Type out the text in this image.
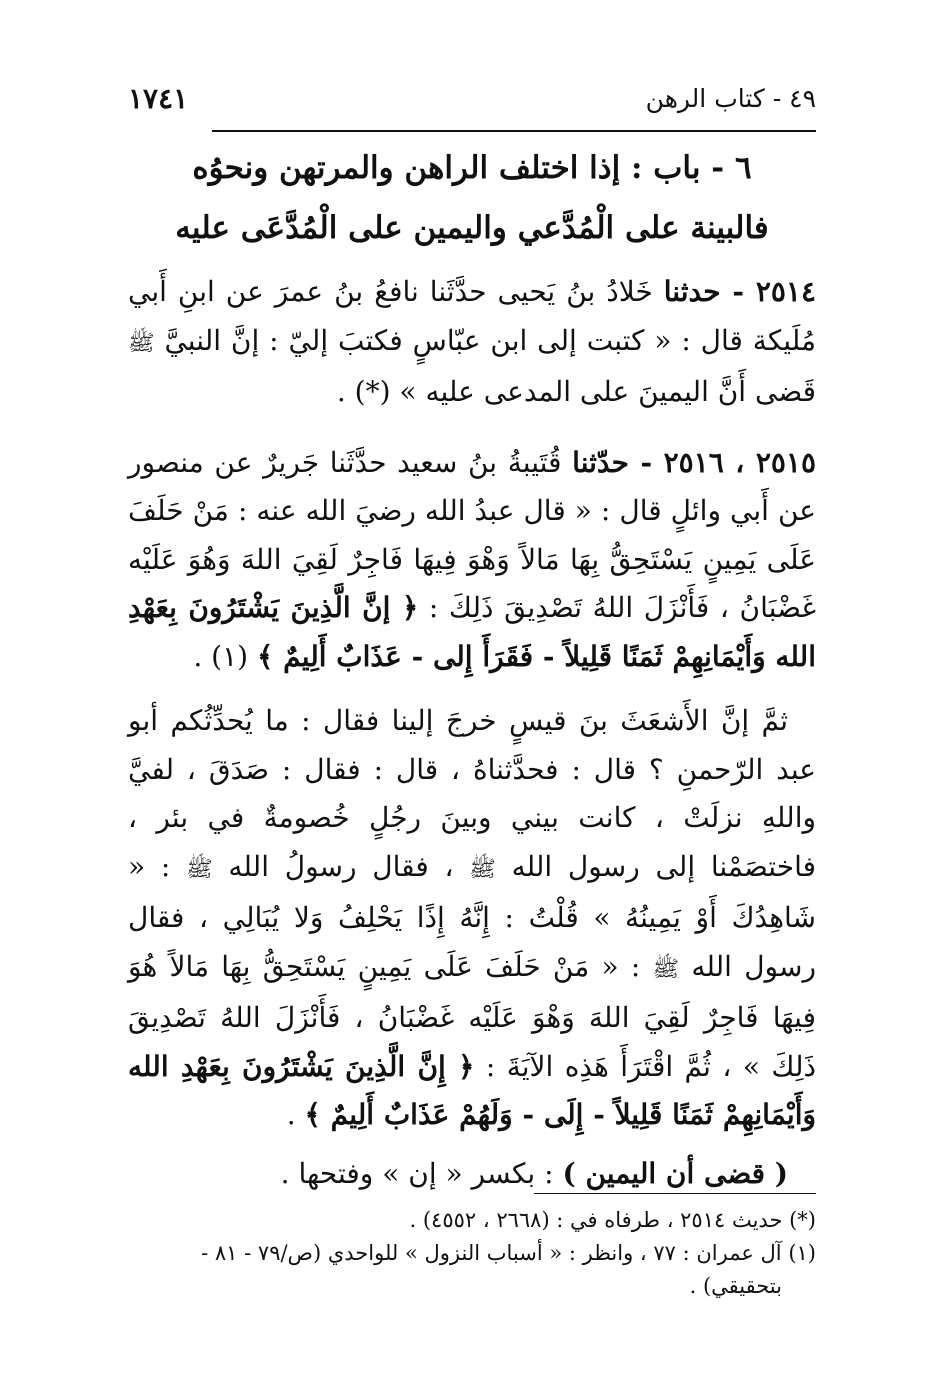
٤٩ - كتاب الرهن
١٧٤١
٦ - باب : إذا اختلف الراهن والمرتهن ونحوُه
فالبينة على الْمُدَّعي واليمين على الْمُدَّعَى عليه

٢٥١٤ - حدثنا خَلادُ بنُ يَحيى حدَّثَنا نافعُ بنُ عمرَ عن ابنِ أَبي مُلَيكة قال : « كتبت إلى ابن عبّاسٍ فكتبَ إليّ : إنَّ النبيَّ ﷺ قَضى أَنَّ اليمينَ على المدعى عليه » (*) .

٢٥١٥ ، ٢٥١٦ - حدّثنا قُتَيبةُ بنُ سعيد حدَّثَنا جَريرٌ عن منصور عن أَبي وائلٍ قال : « قال عبدُ الله رضيَ الله عنه : مَنْ حَلَفَ عَلَى يَمِينٍ يَسْتَحِقُّ بِهَا مَالاً وَهْوَ فِيهَا فَاجِرٌ لَقِيَ اللهَ وَهُوَ عَلَيْه غَضْبَانُ ، فَأَنْزَلَ اللهُ تَصْدِيقَ ذَلِكَ : ﴿ إنَّ الَّذِينَ يَشْتَرُونَ بِعَهْدِ الله وَأَيْمَانِهِمْ ثَمَنًا قَلِيلاً - فَقَرَأَ إِلى - عَذَابٌ أَلِيمٌ ﴾ (١) .

 ثمَّ إنَّ الأَشعَثَ بنَ قيسٍ خرجَ إلينا فقال : ما يُحدِّثُكم أبو عبد الرّحمنِ ؟ قال : فحدَّثناهُ ، قال : فقال : صَدَقَ ، لفيَّ واللهِ نزلَتْ ، كانت بيني وبينَ رجُلٍ خُصومةٌ في بئر ، فاختصَمْنا إلى رسول الله ﷺ ، فقال رسولُ الله ﷺ : « شَاهِدُكَ أَوْ يَمِينُهُ » قُلْتُ : إِنَّهُ إِذًا يَحْلِفُ وَلا يُبَالِي ، فقال رسول الله ﷺ : « مَنْ حَلَفَ عَلَى يَمِينٍ يَسْتَحِقُّ بِهَا مَالاً هُوَ فِيهَا فَاجِرٌ لَقِيَ اللهَ وَهْوَ عَلَيْه غَضْبَانُ ، فَأَنْزَلَ اللهُ تَصْدِيقَ ذَلِكَ » ، ثُمَّ اقْتَرَأَ هَذِه الآيَةَ : ﴿ إِنَّ الَّذِينَ يَشْتَرُونَ بِعَهْدِ الله وَأَيْمَانِهِمْ ثَمَنًا قَلِيلاً - إِلَى - وَلَهُمْ عَذَابٌ أَلِيمٌ ﴾ .

 ( قضى أن اليمين ) : بكسر « إن » وفتحها .

(*) حديث ٢٥١٤ ، طرفاه في : (٢٦٦٨ ، ٤٥٥٢) .

(١) آل عمران : ٧٧ ، وانظر : « أسباب النزول » للواحدي (ص/٧٩ - ٨١ -

بتحقيقي) .
